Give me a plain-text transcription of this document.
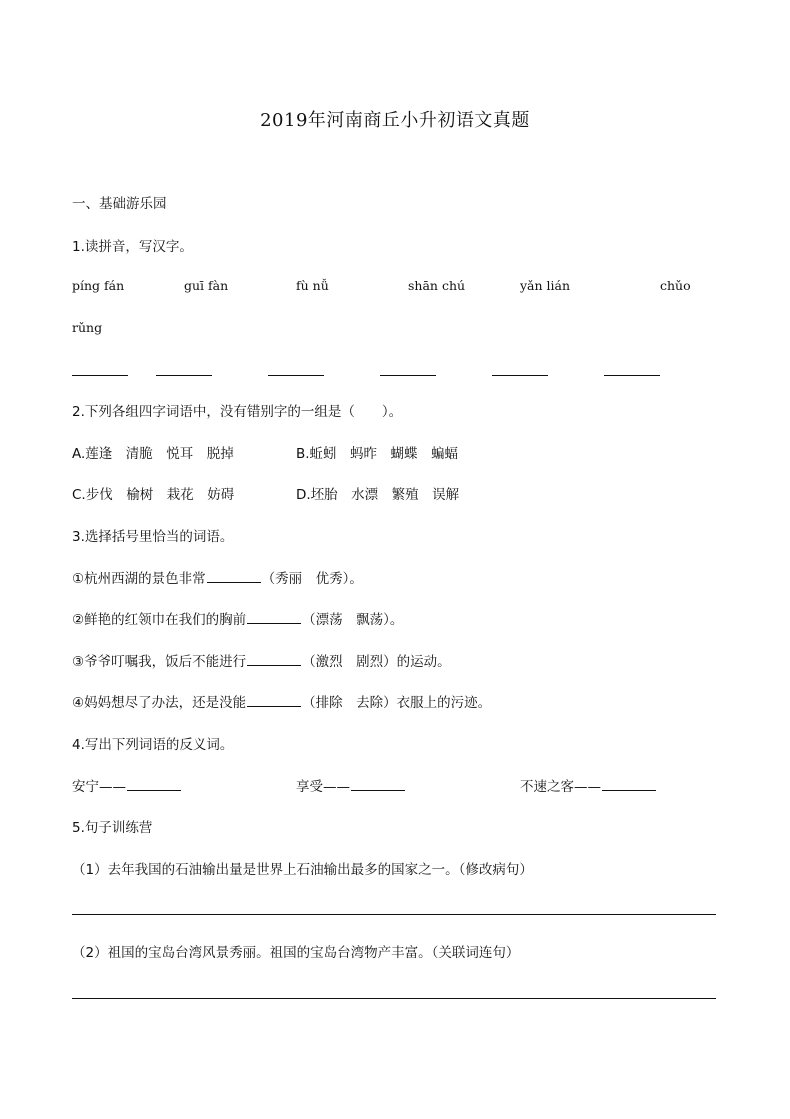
2019年河南商丘小升初语文真题
一、基础游乐园
1.读拼音，写汉字。
píng fán	guī fàn	fù nǚ	shān chú	yǎn lián	chǔo
rǔng
2.下列各组四字词语中，没有错别字的一组是（　　）。
A.莲逢　清脆　悦耳　脱掉	B.蚯蚓　蚂昨　蝴蝶　蝙蝠
C.步伐　榆树　栽花　妨碍	D.坯胎　水漂　繁殖　误解
3.选择括号里恰当的词语。
①杭州西湖的景色非常	（秀丽　优秀）。
②鲜艳的红领巾在我们的胸前	（漂荡　飘荡）。
③爷爷叮嘱我，饭后不能进行	（激烈　剧烈）的运动。
④妈妈想尽了办法，还是没能	（排除　去除）衣服上的污迹。
4.写出下列词语的反义词。
安宁——	享受——	不速之客——
5.句子训练营
（1）去年我国的石油输出量是世界上石油输出最多的国家之一。（修改病句）
（2）祖国的宝岛台湾风景秀丽。祖国的宝岛台湾物产丰富。（关联词连句）
